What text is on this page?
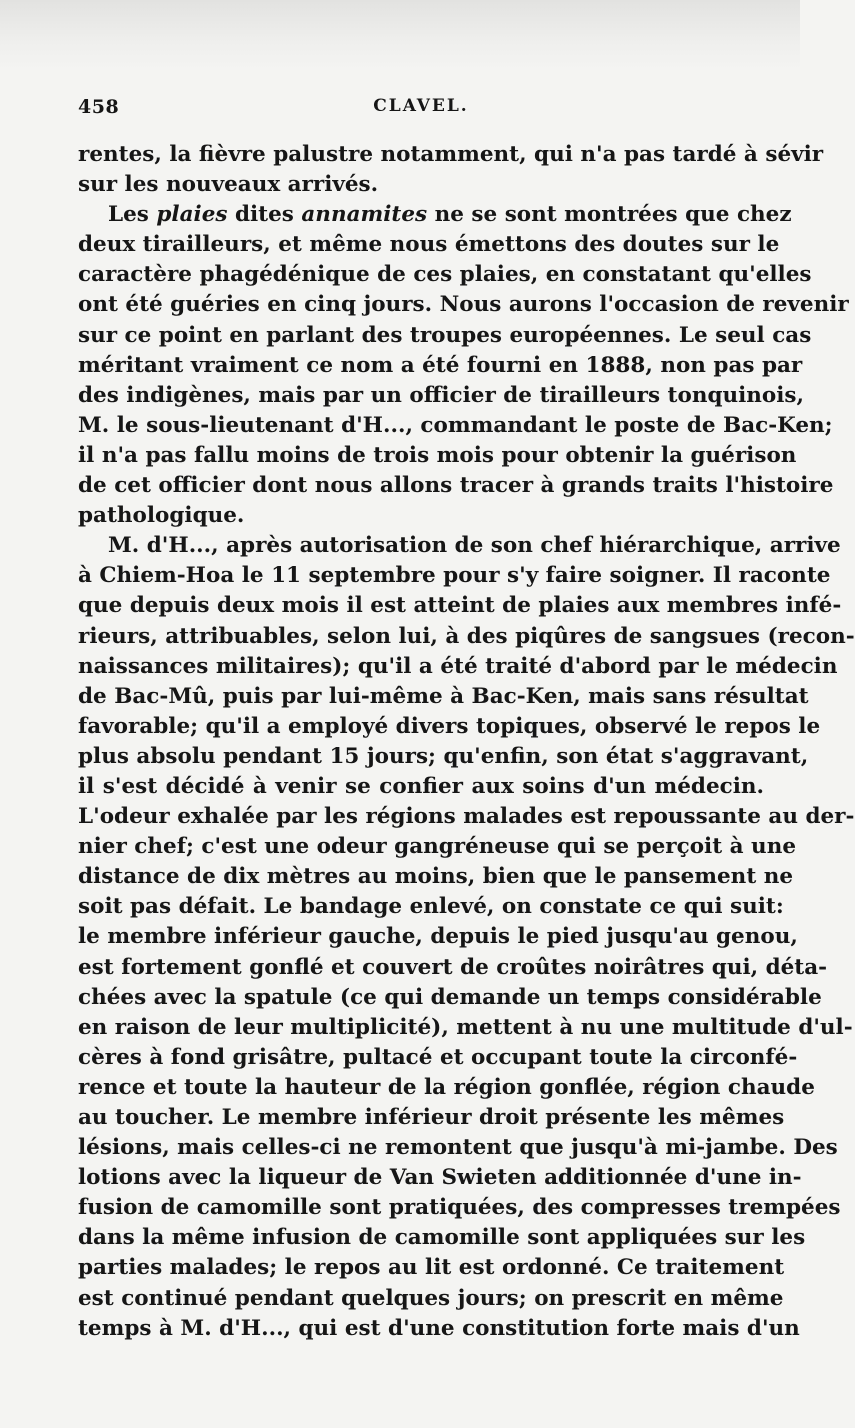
458	CLAVEL.
rentes, la fièvre palustre notamment, qui n'a pas tardé à sévir
sur les nouveaux arrivés.
Les plaies dites annamites ne se sont montrées que chez
deux tirailleurs, et même nous émettons des doutes sur le
caractère phagédénique de ces plaies, en constatant qu'elles
ont été guéries en cinq jours. Nous aurons l'occasion de revenir
sur ce point en parlant des troupes européennes. Le seul cas
méritant vraiment ce nom a été fourni en 1888, non pas par
des indigènes, mais par un officier de tirailleurs tonquinois,
M. le sous-lieutenant d'H..., commandant le poste de Bac-Ken;
il n'a pas fallu moins de trois mois pour obtenir la guérison
de cet officier dont nous allons tracer à grands traits l'histoire
pathologique.
M. d'H..., après autorisation de son chef hiérarchique, arrive
à Chiem-Hoa le 11 septembre pour s'y faire soigner. Il raconte
que depuis deux mois il est atteint de plaies aux membres infé-
rieurs, attribuables, selon lui, à des piqûres de sangsues (recon-
naissances militaires); qu'il a été traité d'abord par le médecin
de Bac-Mû, puis par lui-même à Bac-Ken, mais sans résultat
favorable; qu'il a employé divers topiques, observé le repos le
plus absolu pendant 15 jours; qu'enfin, son état s'aggravant,
il s'est décidé à venir se confier aux soins d'un médecin.
L'odeur exhalée par les régions malades est repoussante au der-
nier chef; c'est une odeur gangréneuse qui se perçoit à une
distance de dix mètres au moins, bien que le pansement ne
soit pas défait. Le bandage enlevé, on constate ce qui suit:
le membre inférieur gauche, depuis le pied jusqu'au genou,
est fortement gonflé et couvert de croûtes noirâtres qui, déta-
chées avec la spatule (ce qui demande un temps considérable
en raison de leur multiplicité), mettent à nu une multitude d'ul-
cères à fond grisâtre, pultacé et occupant toute la circonfé-
rence et toute la hauteur de la région gonflée, région chaude
au toucher. Le membre inférieur droit présente les mêmes
lésions, mais celles-ci ne remontent que jusqu'à mi-jambe. Des
lotions avec la liqueur de Van Swieten additionnée d'une in-
fusion de camomille sont pratiquées, des compresses trempées
dans la même infusion de camomille sont appliquées sur les
parties malades; le repos au lit est ordonné. Ce traitement
est continué pendant quelques jours; on prescrit en même
temps à M. d'H..., qui est d'une constitution forte mais d'un
